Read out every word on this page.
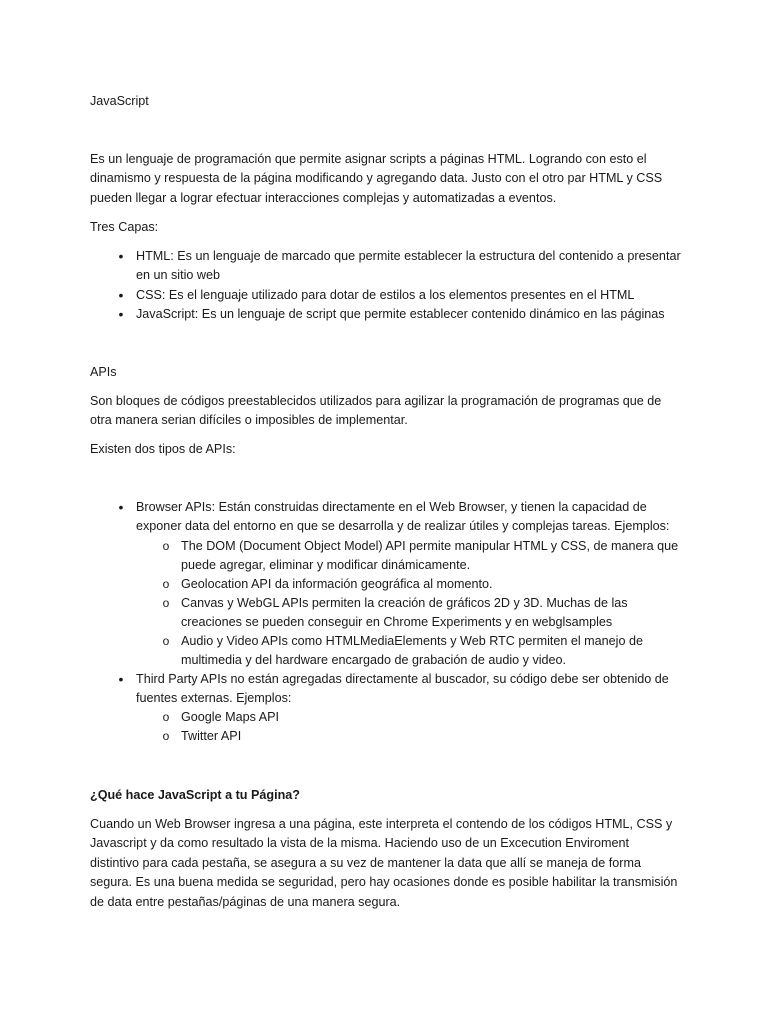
JavaScript

Es un lenguaje de programación que permite asignar scripts a páginas HTML. Logrando con esto el dinamismo y respuesta de la página modificando y agregando data. Justo con el otro par HTML y CSS pueden llegar a lograr efectuar interacciones complejas y automatizadas a eventos.

Tres Capas:

• HTML: Es un lenguaje de marcado que permite establecer la estructura del contenido a presentar en un sitio web
• CSS: Es el lenguaje utilizado para dotar de estilos a los elementos presentes en el HTML
• JavaScript: Es un lenguaje de script que permite establecer contenido dinámico en las páginas

APIs

Son bloques de códigos preestablecidos utilizados para agilizar la programación de programas que de otra manera serian difíciles o imposibles de implementar.

Existen dos tipos de APIs:

• Browser APIs: Están construidas directamente en el Web Browser, y tienen la capacidad de exponer data del entorno en que se desarrolla y de realizar útiles y complejas tareas. Ejemplos:
o The DOM (Document Object Model) API permite manipular HTML y CSS, de manera que puede agregar, eliminar y modificar dinámicamente.
o Geolocation API da información geográfica al momento.
o Canvas y WebGL APIs permiten la creación de gráficos 2D y 3D. Muchas de las creaciones se pueden conseguir en Chrome Experiments y en webglsamples
o Audio y Video APIs como HTMLMediaElements y Web RTC permiten el manejo de multimedia y del hardware encargado de grabación de audio y video.
• Third Party APIs no están agregadas directamente al buscador, su código debe ser obtenido de fuentes externas. Ejemplos:
o Google Maps API
o Twitter API

¿Qué hace JavaScript a tu Página?

Cuando un Web Browser ingresa a una página, este interpreta el contendo de los códigos HTML, CSS y Javascript y da como resultado la vista de la misma. Haciendo uso de un Excecution Enviroment distintivo para cada pestaña, se asegura a su vez de mantener la data que allí se maneja de forma segura. Es una buena medida se seguridad, pero hay ocasiones donde es posible habilitar la transmisión de data entre pestañas/páginas de una manera segura.
